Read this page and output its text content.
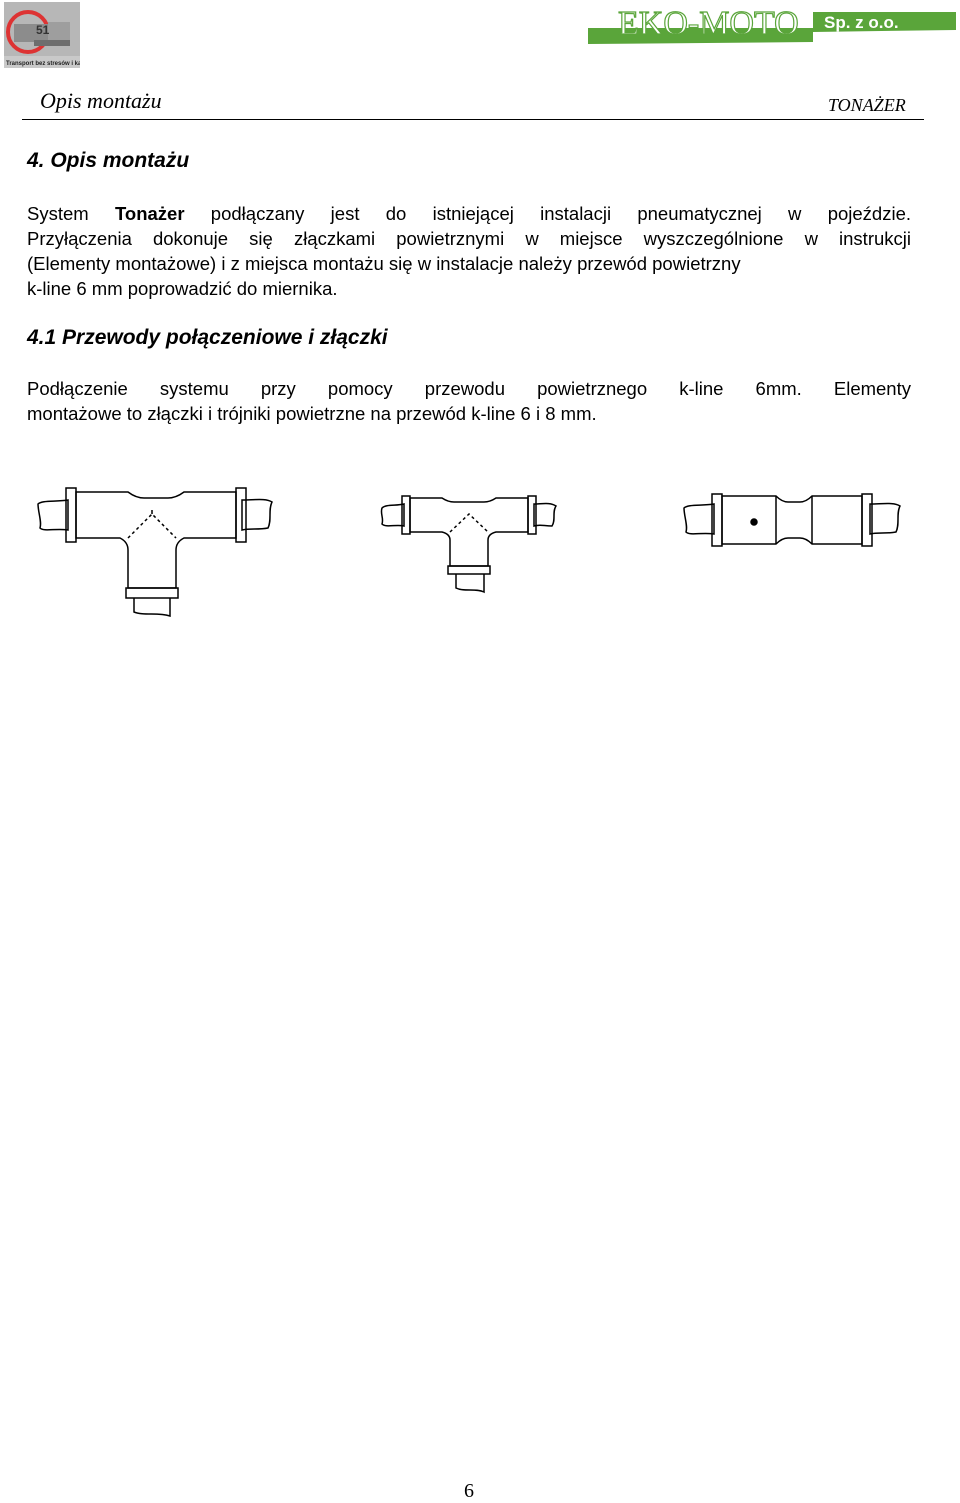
51
Transport bez stresów i kar
EKO-MOTO Sp. z o.o.
Opis montażu	TONAŻER
4. Opis montażu
System Tonażer podłączany jest do istniejącej instalacji pneumatycznej w pojeździe.
Przyłączenia dokonuje się złączkami powietrznymi w miejsce wyszczególnione w instrukcji
(Elementy montażowe) i z miejsca montażu się w instalacje należy przewód powietrzny
k-line 6 mm poprowadzić do miernika.
4.1 Przewody połączeniowe i złączki
Podłączenie systemu przy pomocy przewodu powietrznego k-line 6mm. Elementy
montażowe to złączki i trójniki powietrzne na przewód k-line 6 i 8 mm.
6
